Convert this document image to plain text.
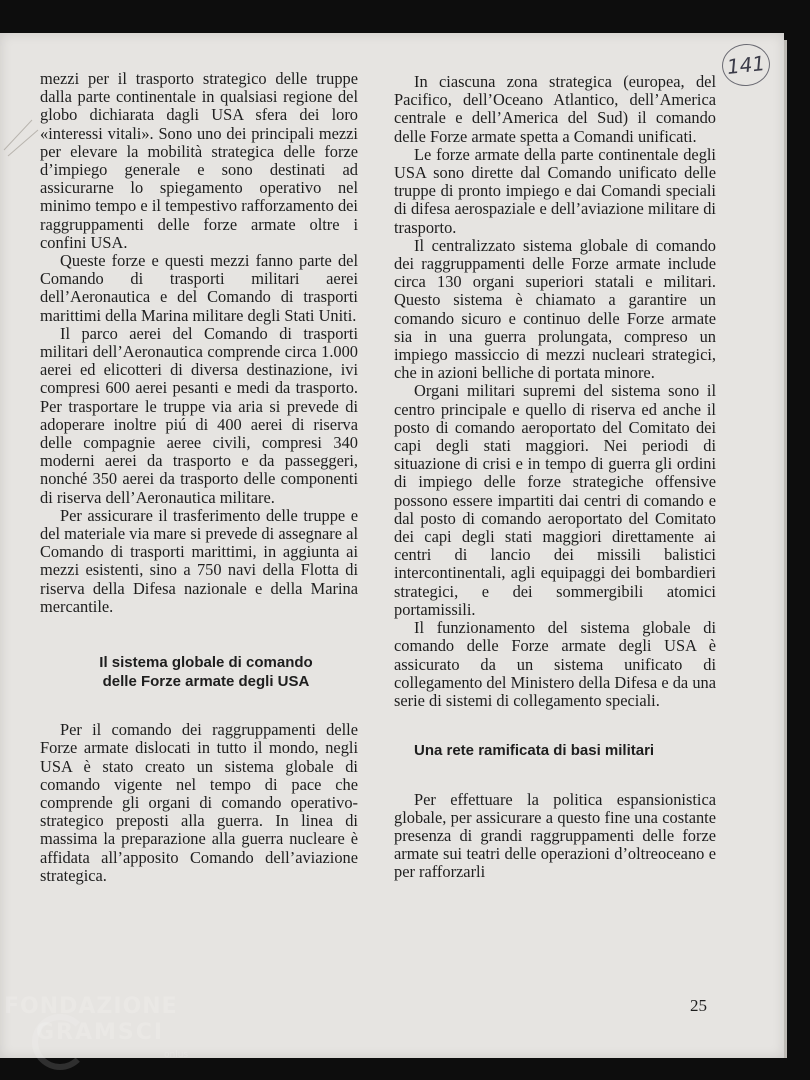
141

mezzi per il trasporto strategico delle truppe dalla parte continentale in qualsiasi regione del globo dichiarata dagli USA sfera dei loro «interessi vitali». Sono uno dei principali mezzi per elevare la mobilità strategica delle forze d’impiego generale e sono destinati ad assicurarne lo spiegamento operativo nel minimo tempo e il tempestivo rafforzamento dei raggruppamenti delle forze armate oltre i confini USA.

Queste forze e questi mezzi fanno parte del Comando di trasporti militari aerei dell’Aeronautica e del Comando di trasporti marittimi della Marina militare degli Stati Uniti.

Il parco aerei del Comando di trasporti militari dell’Aeronautica comprende circa 1.000 aerei ed elicotteri di diversa destinazione, ivi compresi 600 aerei pesanti e medi da trasporto. Per trasportare le truppe via aria si prevede di adoperare inoltre piú di 400 aerei di riserva delle compagnie aeree civili, compresi 340 moderni aerei da trasporto e da passeggeri, nonché 350 aerei da trasporto delle componenti di riserva dell’Aeronautica militare.

Per assicurare il trasferimento delle truppe e del materiale via mare si prevede di assegnare al Comando di trasporti marittimi, in aggiunta ai mezzi esistenti, sino a 750 navi della Flotta di riserva della Difesa nazionale e della Marina mercantile.

Il sistema globale di comando
delle Forze armate degli USA

Per il comando dei raggruppamenti delle Forze armate dislocati in tutto il mondo, negli USA è stato creato un sistema globale di comando vigente nel tempo di pace che comprende gli organi di comando operativo-strategico preposti alla guerra. In linea di massima la preparazione alla guerra nucleare è affidata all’apposito Comando dell’aviazione strategica.

In ciascuna zona strategica (europea, del Pacifico, dell’Oceano Atlantico, dell’America centrale e dell’America del Sud) il comando delle Forze armate spetta a Comandi unificati.

Le forze armate della parte continentale degli USA sono dirette dal Comando unificato delle truppe di pronto impiego e dai Comandi speciali di difesa aerospaziale e dell’aviazione militare di trasporto.

Il centralizzato sistema globale di comando dei raggruppamenti delle Forze armate include circa 130 organi superiori statali e militari. Questo sistema è chiamato a garantire un comando sicuro e continuo delle Forze armate sia in una guerra prolungata, compreso un impiego massiccio di mezzi nucleari strategici, che in azioni belliche di portata minore.

Organi militari supremi del sistema sono il centro principale e quello di riserva ed anche il posto di comando aeroportato del Comitato dei capi degli stati maggiori. Nei periodi di situazione di crisi e in tempo di guerra gli ordini di impiego delle forze strategiche offensive possono essere impartiti dai centri di comando e dal posto di comando aeroportato del Comitato dei capi degli stati maggiori direttamente ai centri di lancio dei missili balistici intercontinentali, agli equipaggi dei bombardieri strategici, e dei sommergibili atomici portamissili.

Il funzionamento del sistema globale di comando delle Forze armate degli USA è assicurato da un sistema unificato di collegamento del Ministero della Difesa e da una serie di sistemi di collegamento speciali.

Una rete ramificata di basi militari

Per effettuare la politica espansionistica globale, per assicurare a questo fine una costante presenza di grandi raggruppamenti delle forze armate sui teatri delle operazioni d’oltreoceano e per rafforzarli

25
FONDAZIONE
GRAMSCI
onlus
